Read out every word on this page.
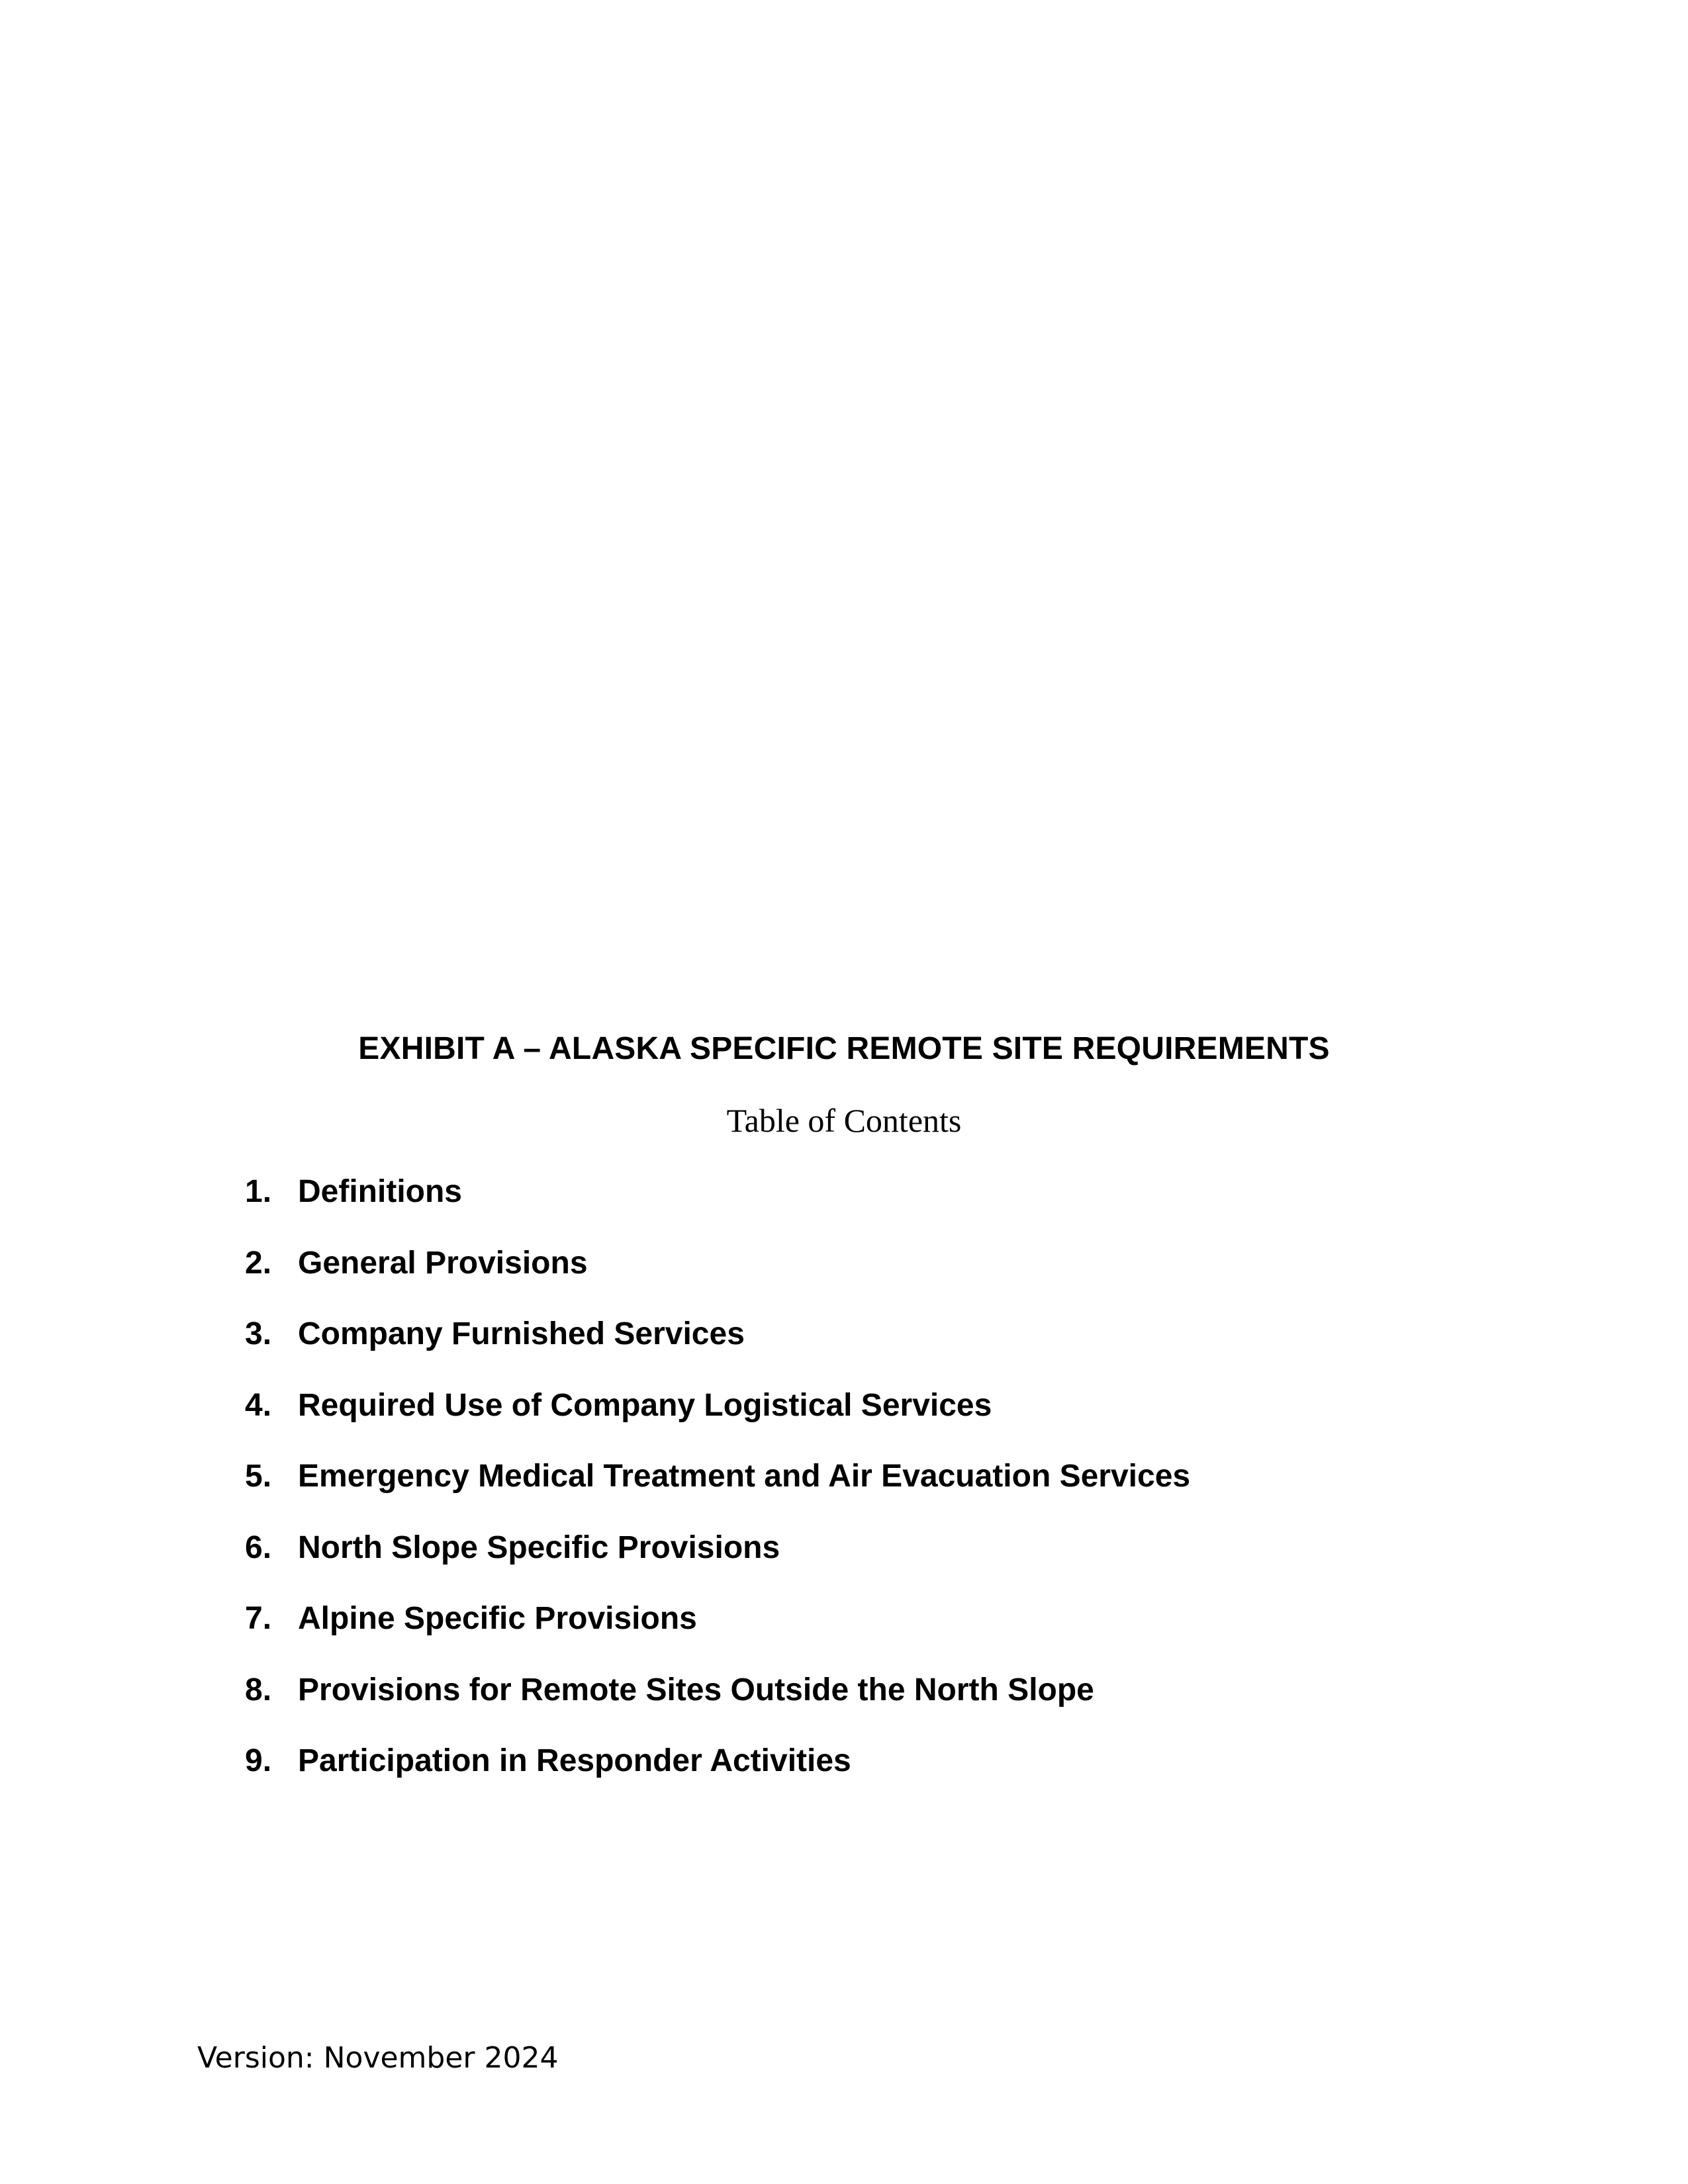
EXHIBIT A – ALASKA SPECIFIC REMOTE SITE REQUIREMENTS
Table of Contents
1. Definitions
2. General Provisions
3. Company Furnished Services
4. Required Use of Company Logistical Services
5. Emergency Medical Treatment and Air Evacuation Services
6. North Slope Specific Provisions
7. Alpine Specific Provisions
8. Provisions for Remote Sites Outside the North Slope
9. Participation in Responder Activities
Version: November 2024
